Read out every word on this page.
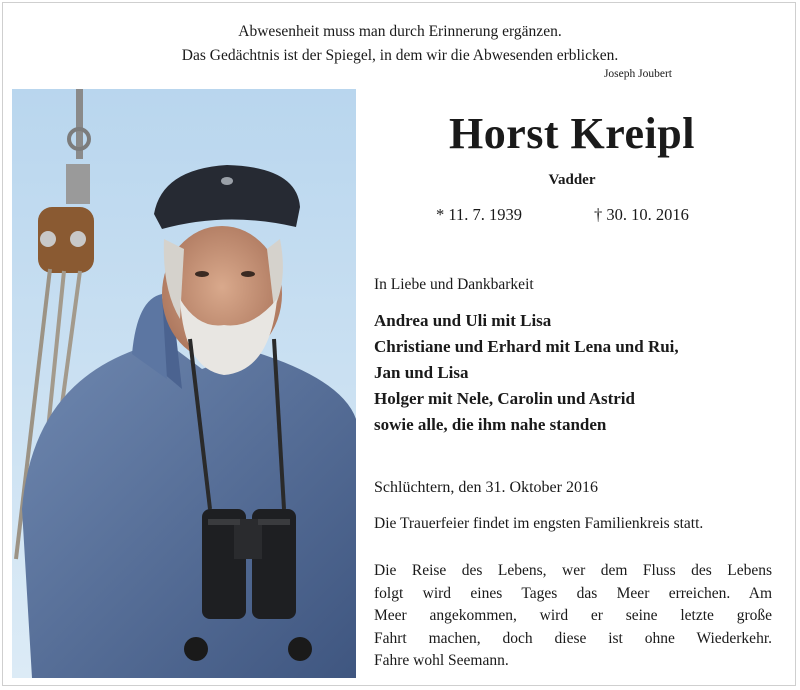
Abwesenheit muss man durch Erinnerung ergänzen.
Das Gedächtnis ist der Spiegel, in dem wir die Abwesenden erblicken.
Joseph Joubert
Horst Kreipl
Vadder
* 11. 7. 1939	† 30. 10. 2016
In Liebe und Dankbarkeit
Andrea und Uli mit Lisa
Christiane und Erhard mit Lena und Rui,
Jan und Lisa
Holger mit Nele, Carolin und Astrid
sowie alle, die ihm nahe standen
Schlüchtern, den 31. Oktober 2016
Die Trauerfeier findet im engsten Familienkreis statt.
Die Reise des Lebens, wer dem Fluss des Lebens
folgt wird eines Tages das Meer erreichen. Am
Meer angekommen, wird er seine letzte große
Fahrt machen, doch diese ist ohne Wiederkehr.
Fahre wohl Seemann.
